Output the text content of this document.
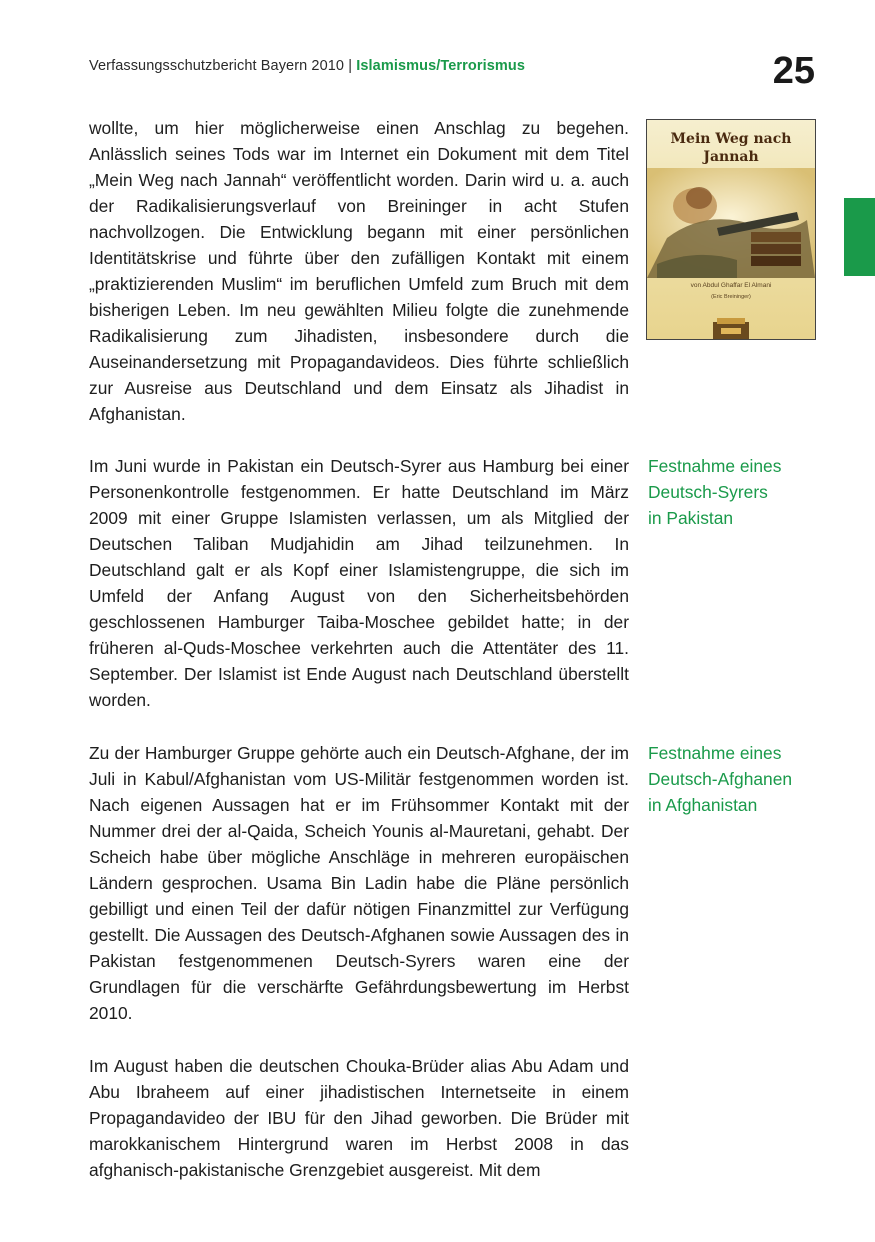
Verfassungsschutzbericht Bayern 2010 | Islamismus/Terrorismus	25

wollte, um hier möglicherweise einen Anschlag zu begehen. Anlässlich seines Tods war im Internet ein Dokument mit dem Titel „Mein Weg nach Jannah“ veröffentlicht worden. Darin wird u. a. auch der Radikalisierungsverlauf von Breininger in acht Stufen nachvollzogen. Die Entwicklung begann mit einer persönlichen Identitätskrise und führte über den zufälligen Kontakt mit einem „praktizierenden Muslim“ im beruflichen Umfeld zum Bruch mit dem bisherigen Leben. Im neu gewählten Milieu folgte die zunehmende Radikalisierung zum Jihadisten, insbesondere durch die Auseinandersetzung mit Propagandavideos. Dies führte schließlich zur Ausreise aus Deutschland und dem Einsatz als Jihadist in Afghanistan.

Im Juni wurde in Pakistan ein Deutsch-Syrer aus Hamburg bei einer Personenkontrolle festgenommen. Er hatte Deutschland im März 2009 mit einer Gruppe Islamisten verlassen, um als Mitglied der Deutschen Taliban Mudjahidin am Jihad teilzunehmen. In Deutschland galt er als Kopf einer Islamistengruppe, die sich im Umfeld der Anfang August von den Sicherheitsbehörden geschlossenen Hamburger Taiba-Moschee gebildet hatte; in der früheren al-Quds-Moschee verkehrten auch die Attentäter des 11. September. Der Islamist ist Ende August nach Deutschland überstellt worden.

Zu der Hamburger Gruppe gehörte auch ein Deutsch-Afghane, der im Juli in Kabul/Afghanistan vom US-Militär festgenommen worden ist. Nach eigenen Aussagen hat er im Frühsommer Kontakt mit der Nummer drei der al-Qaida, Scheich Younis al-Mauretani, gehabt. Der Scheich habe über mögliche Anschläge in mehreren europäischen Ländern gesprochen. Usama Bin Ladin habe die Pläne persönlich gebilligt und einen Teil der dafür nötigen Finanzmittel zur Verfügung gestellt. Die Aussagen des Deutsch-Afghanen sowie Aussagen des in Pakistan festgenommenen Deutsch-Syrers waren eine der Grundlagen für die verschärfte Gefährdungsbewertung im Herbst 2010.

Im August haben die deutschen Chouka-Brüder alias Abu Adam und Abu Ibraheem auf einer jihadistischen Internetseite in einem Propagandavideo der IBU für den Jihad geworben. Die Brüder mit marokkanischem Hintergrund waren im Herbst 2008 in das afghanisch-pakistanische Grenzgebiet ausgereist. Mit dem

Mein Weg nach
Jannah
von Abdul Ghaffar El Almani
(Eric Breininger)
Festnahme eines
Deutsch-Syrers
in Pakistan
Festnahme eines
Deutsch-Afghanen
in Afghanistan
